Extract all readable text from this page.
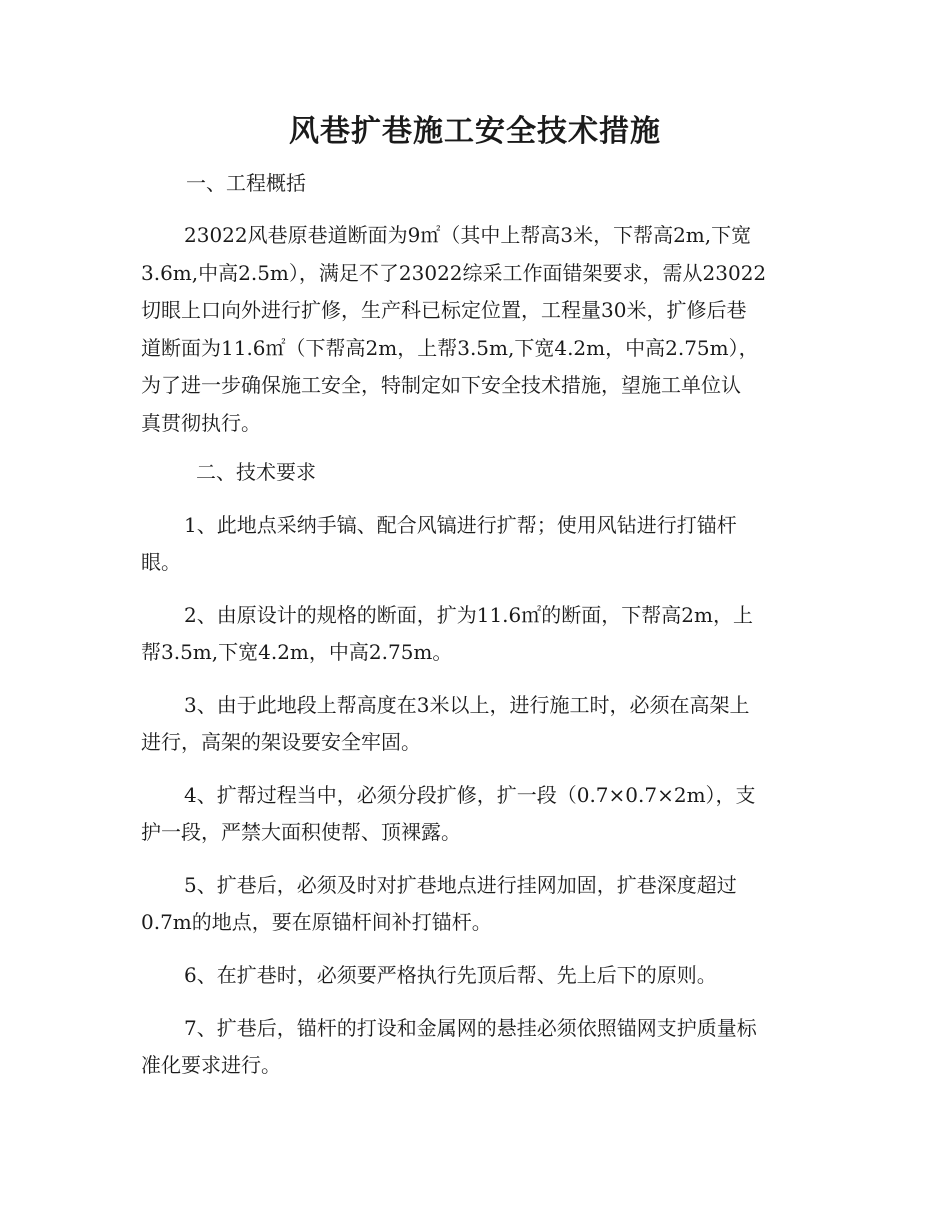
风巷扩巷施工安全技术措施

一、工程概括

23022风巷原巷道断面为9㎡（其中上帮高3米，下帮高2m,下宽
3.6m,中高2.5m），满足不了23022综采工作面错架要求，需从23022
切眼上口向外进行扩修，生产科已标定位置，工程量30米，扩修后巷
道断面为11.6㎡（下帮高2m，上帮3.5m,下宽4.2m，中高2.75m），
为了进一步确保施工安全，特制定如下安全技术措施，望施工单位认
真贯彻执行。

二、技术要求

1、此地点采纳手镐、配合风镐进行扩帮；使用风钻进行打锚杆
眼。

2、由原设计的规格的断面，扩为11.6㎡的断面，下帮高2m，上
帮3.5m,下宽4.2m，中高2.75m。

3、由于此地段上帮高度在3米以上，进行施工时，必须在高架上
进行，高架的架设要安全牢固。

4、扩帮过程当中，必须分段扩修，扩一段（0.7×0.7×2m），支
护一段，严禁大面积使帮、顶裸露。

5、扩巷后，必须及时对扩巷地点进行挂网加固，扩巷深度超过
0.7m的地点，要在原锚杆间补打锚杆。

6、在扩巷时，必须要严格执行先顶后帮、先上后下的原则。

7、扩巷后，锚杆的打设和金属网的悬挂必须依照锚网支护质量标
准化要求进行。
